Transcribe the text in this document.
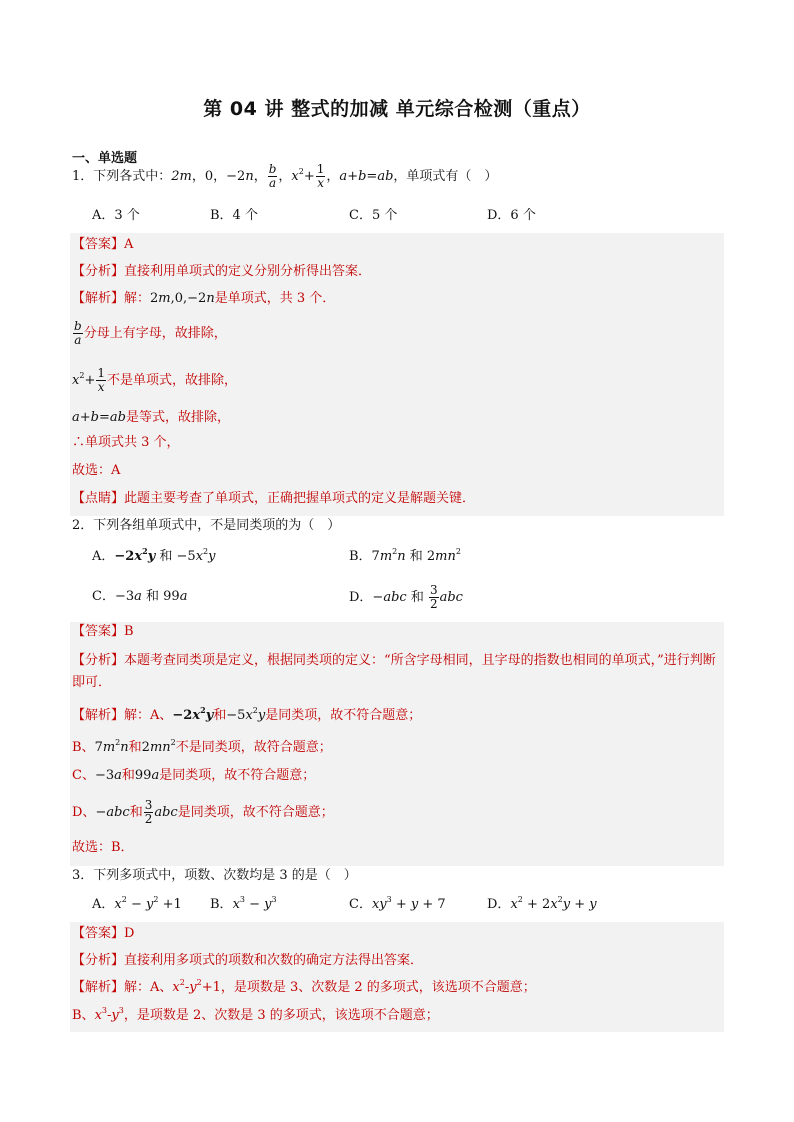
第 04 讲 整式的加减 单元综合检测（重点）
一、单选题
1．下列各式中：2m，0，−2n， $\frac{b}{a}$ ，$x^2+ \frac{1}{x}$ ，a+b=ab，单项式有（　）
A．3 个	B．4 个	C．5 个	D．6 个
【答案】A
【分析】直接利用单项式的定义分别分析得出答案．
【解析】解：2m,0,−2n是单项式，共 3 个．
$\frac{b}{a}$ 分母上有字母，故排除，
$x^2+ \frac{1}{x}$ 不是单项式，故排除，
a+b=ab是等式，故排除，
∴单项式共 3 个，
故选：A
【点睛】此题主要考查了单项式，正确把握单项式的定义是解题关键．
2．下列各组单项式中，不是同类项的为（　）
A．$-2x^2y$ 和 $-5x^2y$	B．$7m^2n$ 和 $2mn^2$
C．−3a 和 99a	D．−abc 和 $\frac{3}{2}$ abc
【答案】B
【分析】本题考查同类项是定义，根据同类项的定义：“所含字母相同，且字母的指数也相同的单项式，”进行判断即可．
【解析】解：A、$-2x^2y$和$-5x^2y$是同类项，故不符合题意；
B、$7m^2n$和$2mn^2$不是同类项，故符合题意；
C、−3a和99a是同类项，故不符合题意；
D、−abc和 $\frac{3}{2}$ abc是同类项，故不符合题意；
故选：B．
3．下列多项式中，项数、次数均是 3 的是（　）
A．$x^2 - y^2 +1$ B．$x^3 - y^3$	C．$xy^3 + y + 7$	D．$x^2 + 2x^2y + y$
【答案】D
【分析】直接利用多项式的项数和次数的确定方法得出答案．
【解析】解：A、$x^2-y^2+1$，是项数是 3、次数是 2 的多项式，该选项不合题意；
B、$x^3-y^3$，是项数是 2、次数是 3 的多项式，该选项不合题意；
